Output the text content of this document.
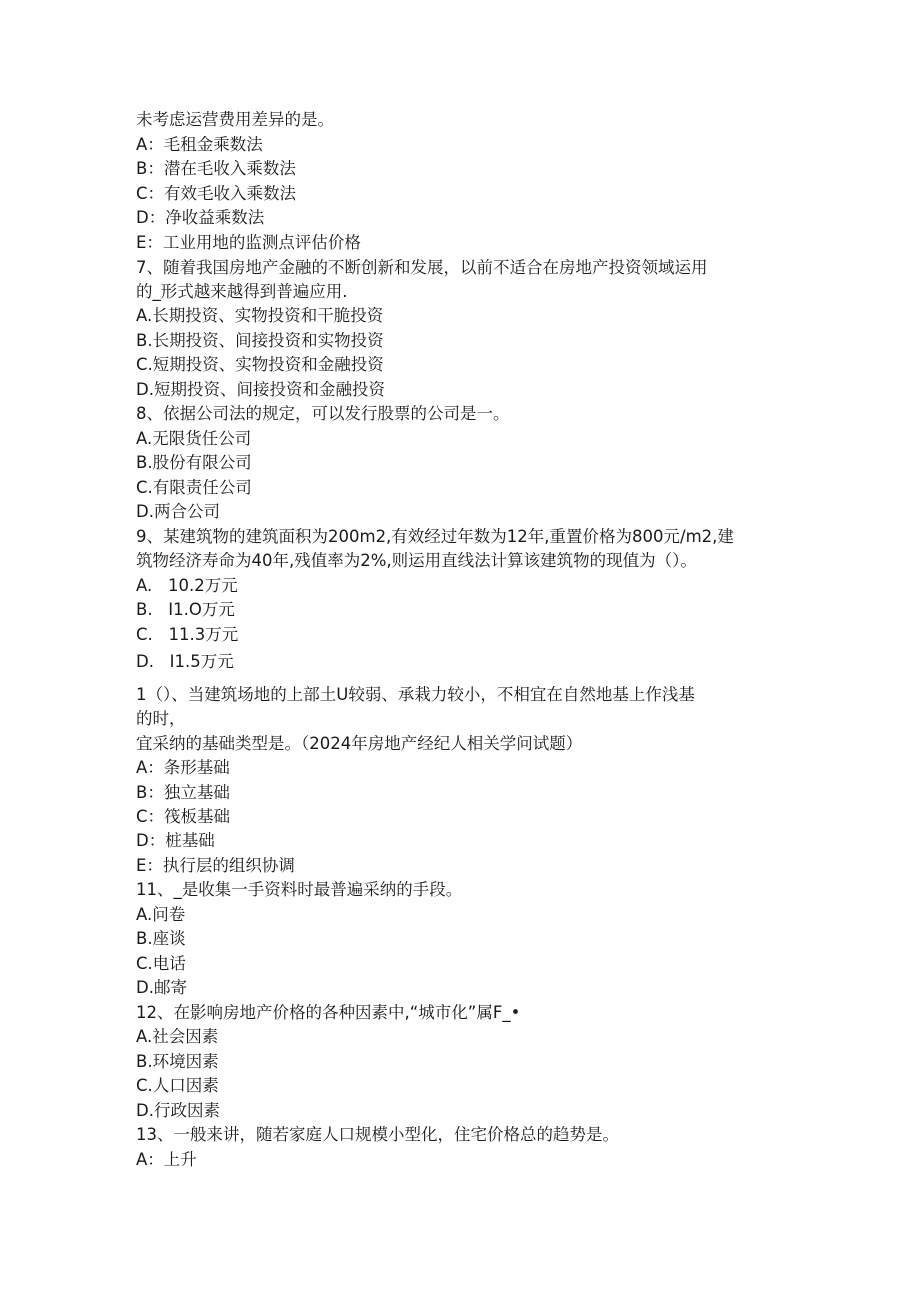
未考虑运营费用差异的是。
A：毛租金乘数法
B：潜在毛收入乘数法
C：有效毛收入乘数法
D：净收益乘数法
E：工业用地的监测点评估价格
7、随着我国房地产金融的不断创新和发展，以前不适合在房地产投资领域运用
的_形式越来越得到普遍应用.
A.长期投资、实物投资和干脆投资
B.长期投资、间接投资和实物投资
C.短期投资、实物投资和金融投资
D.短期投资、间接投资和金融投资
8、依据公司法的规定，可以发行股票的公司是一。
A.无限货任公司
B.股份有限公司
C.有限责任公司
D.两合公司
9、某建筑物的建筑面积为200m2,有效经过年数为12年,重置价格为800元/m2,建
筑物经济寿命为40年,残值率为2%,则运用直线法计算该建筑物的现值为（）。
A.   10.2万元
B.   I1.O万元
C.   11.3万元
D.   I1.5万元
1（）、当建筑场地的上部土U较弱、承栽力较小，不相宜在自然地基上作浅基
的时，
宜采纳的基础类型是。（2024年房地产经纪人相关学问试题）
A：条形基础
B：独立基础
C：筏板基础
D：桩基础
E：执行层的组织协调
11、_是收集一手资料时最普遍采纳的手段。
A.问卷
B.座谈
C.电话
D.邮寄
12、在影响房地产价格的各种因素中,“城市化”属F_•
A.社会因素
B.环境因素
C.人口因素
D.行政因素
13、一般来讲，随若家庭人口规模小型化，住宅价格总的趋势是。
A：上升
